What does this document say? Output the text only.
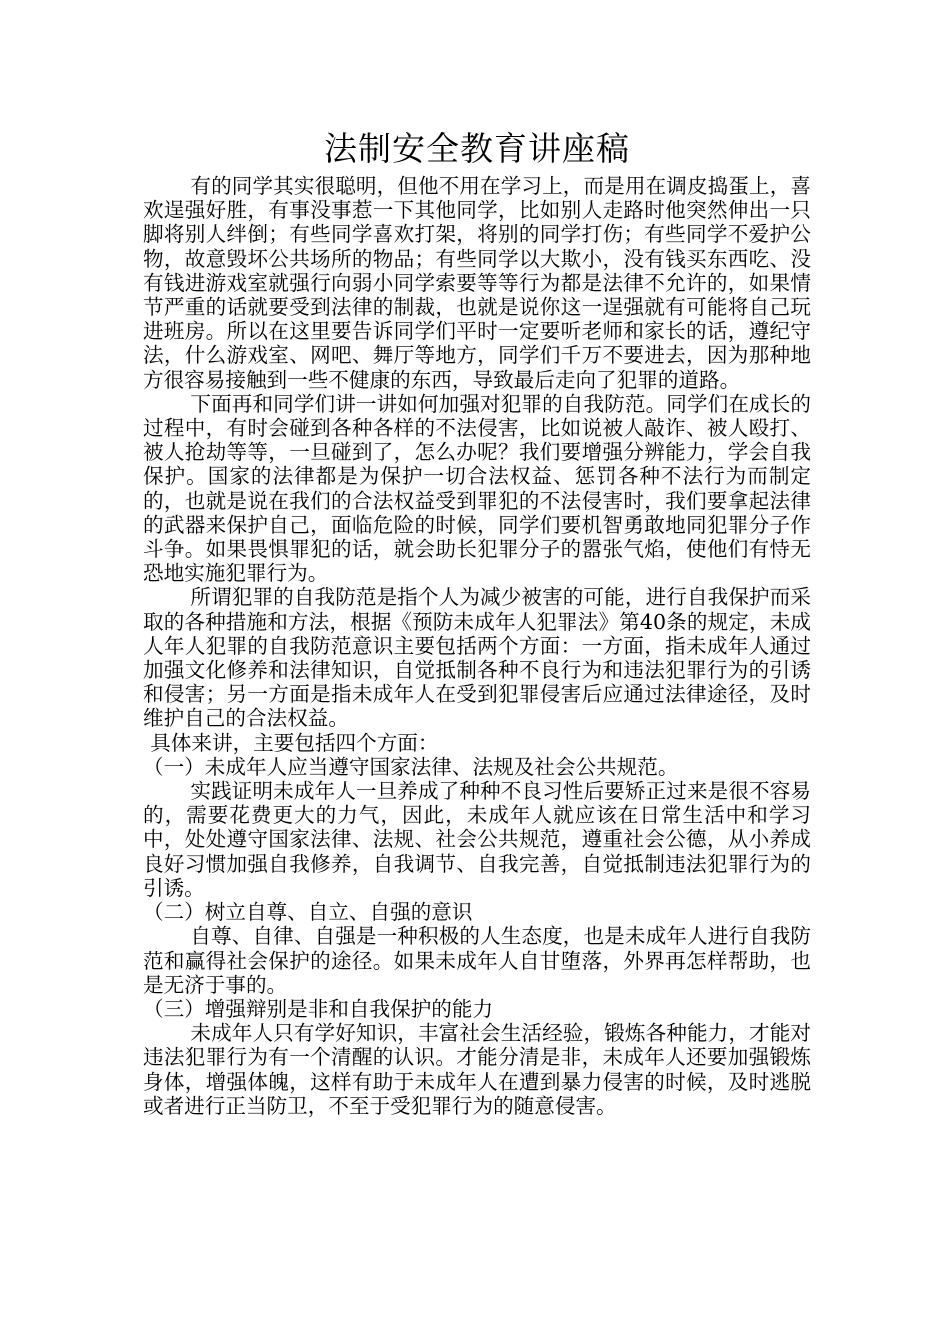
法制安全教育讲座稿

有的同学其实很聪明，但他不用在学习上，而是用在调皮捣蛋上，喜欢逞强好胜，有事没事惹一下其他同学，比如别人走路时他突然伸出一只脚将别人绊倒；有些同学喜欢打架，将别的同学打伤；有些同学不爱护公物，故意毁坏公共场所的物品；有些同学以大欺小，没有钱买东西吃、没有钱进游戏室就强行向弱小同学索要等等行为都是法律不允许的，如果情节严重的话就要受到法律的制裁，也就是说你这一逞强就有可能将自己玩进班房。所以在这里要告诉同学们平时一定要听老师和家长的话，遵纪守法，什么游戏室、网吧、舞厅等地方，同学们千万不要进去，因为那种地方很容易接触到一些不健康的东西，导致最后走向了犯罪的道路。

下面再和同学们讲一讲如何加强对犯罪的自我防范。同学们在成长的过程中，有时会碰到各种各样的不法侵害，比如说被人敲诈、被人殴打、被人抢劫等等，一旦碰到了，怎么办呢？我们要增强分辨能力，学会自我保护。国家的法律都是为保护一切合法权益、惩罚各种不法行为而制定的，也就是说在我们的合法权益受到罪犯的不法侵害时，我们要拿起法律的武器来保护自己，面临危险的时候，同学们要机智勇敢地同犯罪分子作斗争。如果畏惧罪犯的话，就会助长犯罪分子的嚣张气焰，使他们有恃无恐地实施犯罪行为。

所谓犯罪的自我防范是指个人为减少被害的可能，进行自我保护而采取的各种措施和方法，根据《预防未成年人犯罪法》第40条的规定，未成人年人犯罪的自我防范意识主要包括两个方面：一方面，指未成年人通过加强文化修养和法律知识，自觉抵制各种不良行为和违法犯罪行为的引诱和侵害；另一方面是指未成年人在受到犯罪侵害后应通过法律途径，及时维护自己的合法权益。

具体来讲，主要包括四个方面：

（一）未成年人应当遵守国家法律、法规及社会公共规范。

实践证明未成年人一旦养成了种种不良习性后要矫正过来是很不容易的，需要花费更大的力气，因此，未成年人就应该在日常生活中和学习中，处处遵守国家法律、法规、社会公共规范，遵重社会公德，从小养成良好习惯加强自我修养，自我调节、自我完善，自觉抵制违法犯罪行为的引诱。

（二）树立自尊、自立、自强的意识

自尊、自律、自强是一种积极的人生态度，也是未成年人进行自我防范和赢得社会保护的途径。如果未成年人自甘堕落，外界再怎样帮助，也是无济于事的。

（三）增强辩别是非和自我保护的能力

未成年人只有学好知识，丰富社会生活经验，锻炼各种能力，才能对违法犯罪行为有一个清醒的认识。才能分清是非，未成年人还要加强锻炼身体，增强体魄，这样有助于未成年人在遭到暴力侵害的时候，及时逃脱或者进行正当防卫，不至于受犯罪行为的随意侵害。
